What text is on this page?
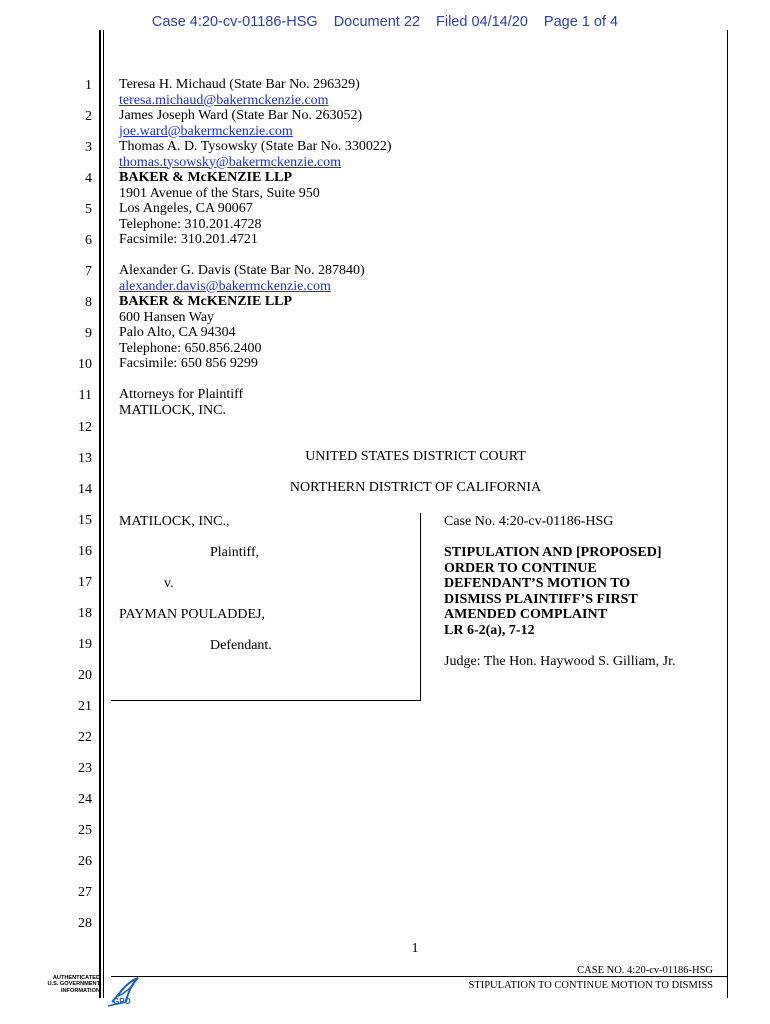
Case 4:20-cv-01186-HSG Document 22 Filed 04/14/20 Page 1 of 4
1
2
3
4
5
6
7
8
9
10
11
12
13
14
15
16
17
18
19
20
21
22
23
24
25
26
27
28
Teresa H. Michaud (State Bar No. 296329)
teresa.michaud@bakermckenzie.com
James Joseph Ward (State Bar No. 263052)
joe.ward@bakermckenzie.com
Thomas A. D. Tysowsky (State Bar No. 330022)
thomas.tysowsky@bakermckenzie.com
BAKER & McKENZIE LLP
1901 Avenue of the Stars, Suite 950
Los Angeles, CA 90067
Telephone: 310.201.4728
Facsimile: 310.201.4721
Alexander G. Davis (State Bar No. 287840)
alexander.davis@bakermckenzie.com
BAKER & McKENZIE LLP
600 Hansen Way
Palo Alto, CA 94304
Telephone: 650.856.2400
Facsimile: 650 856 9299
Attorneys for Plaintiff
MATILOCK, INC.
UNITED STATES DISTRICT COURT
NORTHERN DISTRICT OF CALIFORNIA
MATILOCK, INC.,
Plaintiff,
v.
PAYMAN POULADDEJ,
Defendant.
Case No. 4:20-cv-01186-HSG
STIPULATION AND [PROPOSED]
ORDER TO CONTINUE
DEFENDANT’S MOTION TO
DISMISS PLAINTIFF’S FIRST
AMENDED COMPLAINT
LR 6-2(a), 7-12
Judge: The Hon. Haywood S. Gilliam, Jr.
1
CASE NO. 4:20-cv-01186-HSG
STIPULATION TO CONTINUE MOTION TO DISMISS
AUTHENTICATED
U.S. GOVERNMENT
INFORMATION
GPO
